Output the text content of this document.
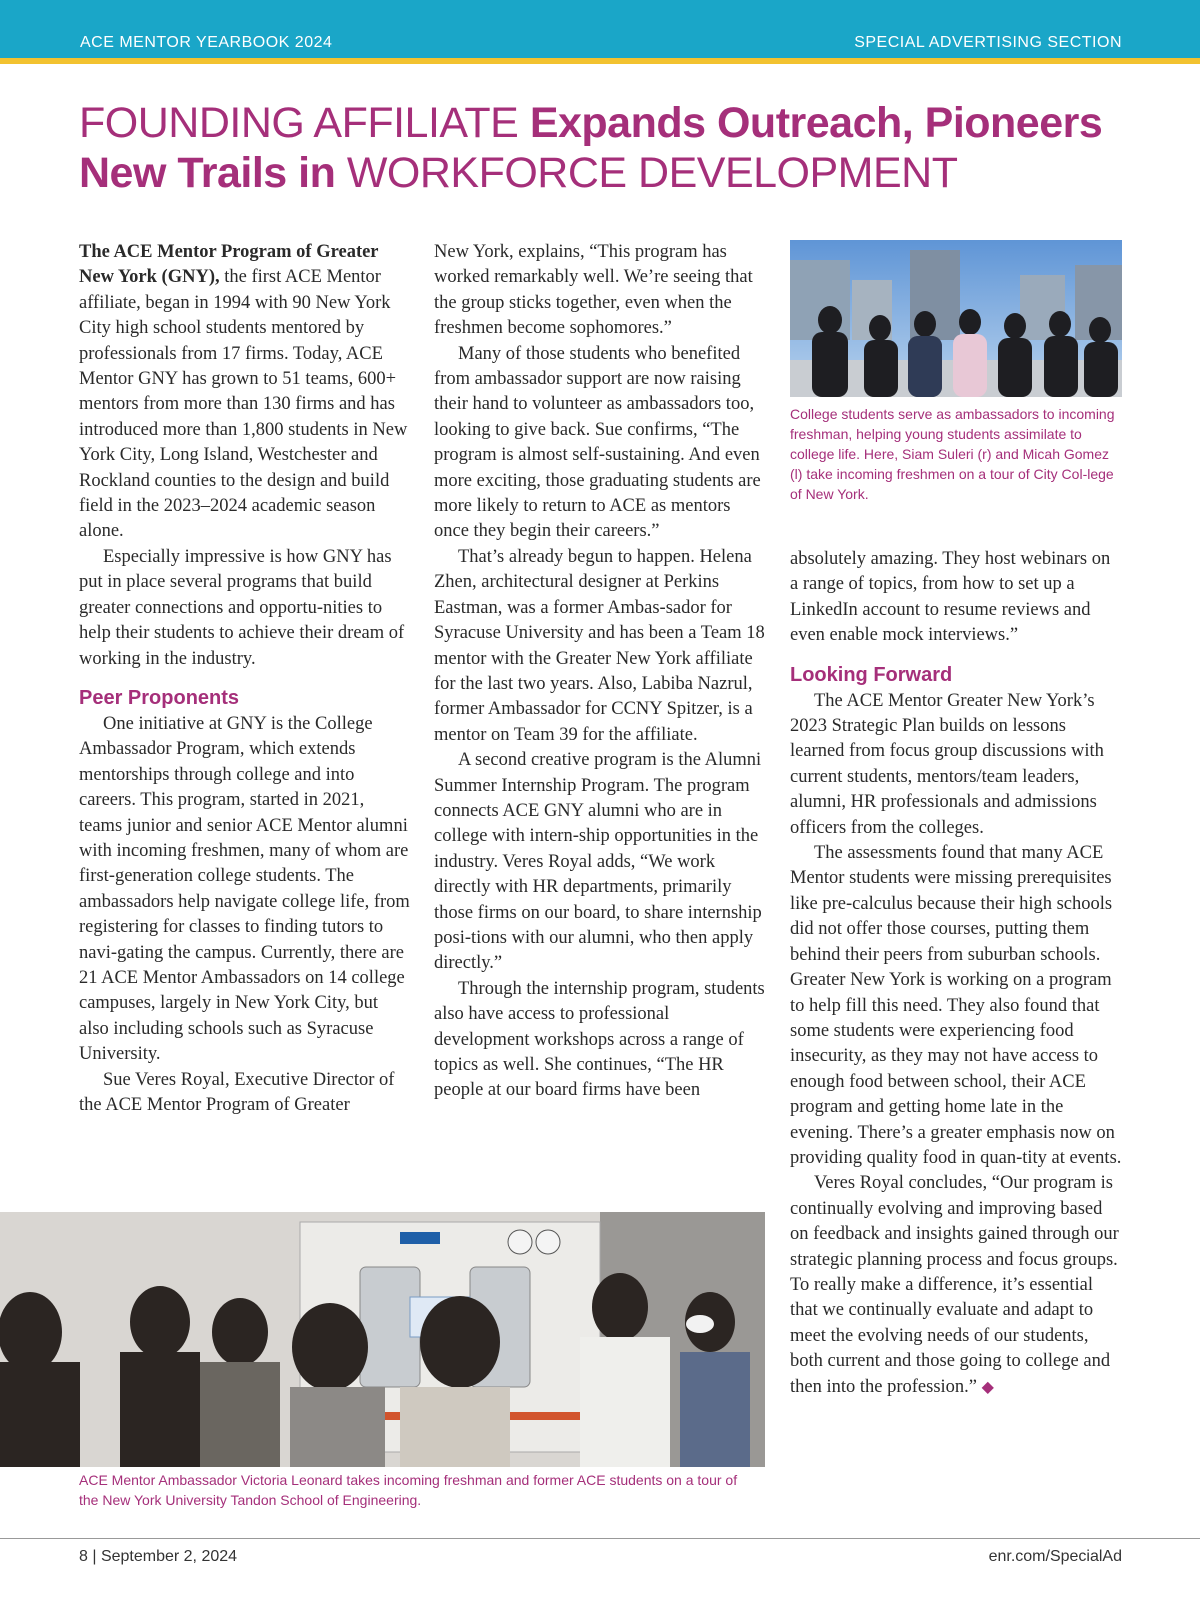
ACE MENTOR YEARBOOK 2024	SPECIAL ADVERTISING SECTION
FOUNDING AFFILIATE Expands Outreach, Pioneers New Trails in WORKFORCE DEVELOPMENT

The ACE Mentor Program of Greater New York (GNY), the first ACE Mentor affiliate, began in 1994 with 90 New York City high school students mentored by professionals from 17 firms. Today, ACE Mentor GNY has grown to 51 teams, 600+ mentors from more than 130 firms and has introduced more than 1,800 students in New York City, Long Island, Westchester and Rockland counties to the design and build field in the 2023–2024 academic season alone.

Especially impressive is how GNY has put in place several programs that build greater connections and opportu-nities to help their students to achieve their dream of working in the industry.

Peer Proponents

One initiative at GNY is the College Ambassador Program, which extends mentorships through college and into careers. This program, started in 2021, teams junior and senior ACE Mentor alumni with incoming freshmen, many of whom are first-generation college students. The ambassadors help navigate college life, from registering for classes to finding tutors to navi-gating the campus. Currently, there are 21 ACE Mentor Ambassadors on 14 college campuses, largely in New York City, but also including schools such as Syracuse University.

Sue Veres Royal, Executive Director of the ACE Mentor Program of Greater

New York, explains, “This program has worked remarkably well. We’re seeing that the group sticks together, even when the freshmen become sophomores.”

Many of those students who benefited from ambassador support are now raising their hand to volunteer as ambassadors too, looking to give back. Sue confirms, “The program is almost self-sustaining. And even more exciting, those graduating students are more likely to return to ACE as mentors once they begin their careers.”

That’s already begun to happen. Helena Zhen, architectural designer at Perkins Eastman, was a former Ambas-sador for Syracuse University and has been a Team 18 mentor with the Greater New York affiliate for the last two years. Also, Labiba Nazrul, former Ambassador for CCNY Spitzer, is a mentor on Team 39 for the affiliate.

A second creative program is the Alumni Summer Internship Program. The program connects ACE GNY alumni who are in college with intern-ship opportunities in the industry. Veres Royal adds, “We work directly with HR departments, primarily those firms on our board, to share internship posi-tions with our alumni, who then apply directly.”

Through the internship program, students also have access to professional development workshops across a range of topics as well. She continues, “The HR people at our board firms have been

College students serve as ambassadors to incoming freshman, helping young students assimilate to college life. Here, Siam Suleri (r) and Micah Gomez (l) take incoming freshmen on a tour of City Col-lege of New York.

absolutely amazing. They host webinars on a range of topics, from how to set up a LinkedIn account to resume reviews and even enable mock interviews.”

Looking Forward

The ACE Mentor Greater New York’s 2023 Strategic Plan builds on lessons learned from focus group discussions with current students, mentors/team leaders, alumni, HR professionals and admissions officers from the colleges.

The assessments found that many ACE Mentor students were missing prerequisites like pre-calculus because their high schools did not offer those courses, putting them behind their peers from suburban schools. Greater New York is working on a program to help fill this need. They also found that some students were experiencing food insecurity, as they may not have access to enough food between school, their ACE program and getting home late in the evening. There’s a greater emphasis now on providing quality food in quan-tity at events.

Veres Royal concludes, “Our program is continually evolving and improving based on feedback and insights gained through our strategic planning process and focus groups. To really make a difference, it’s essential that we continually evaluate and adapt to meet the evolving needs of our students, both current and those going to college and then into the profession.” ◆

ACE Mentor Ambassador Victoria Leonard takes incoming freshman and former ACE students on a tour of the New York University Tandon School of Engineering.
8 | September 2, 2024	enr.com/SpecialAd
